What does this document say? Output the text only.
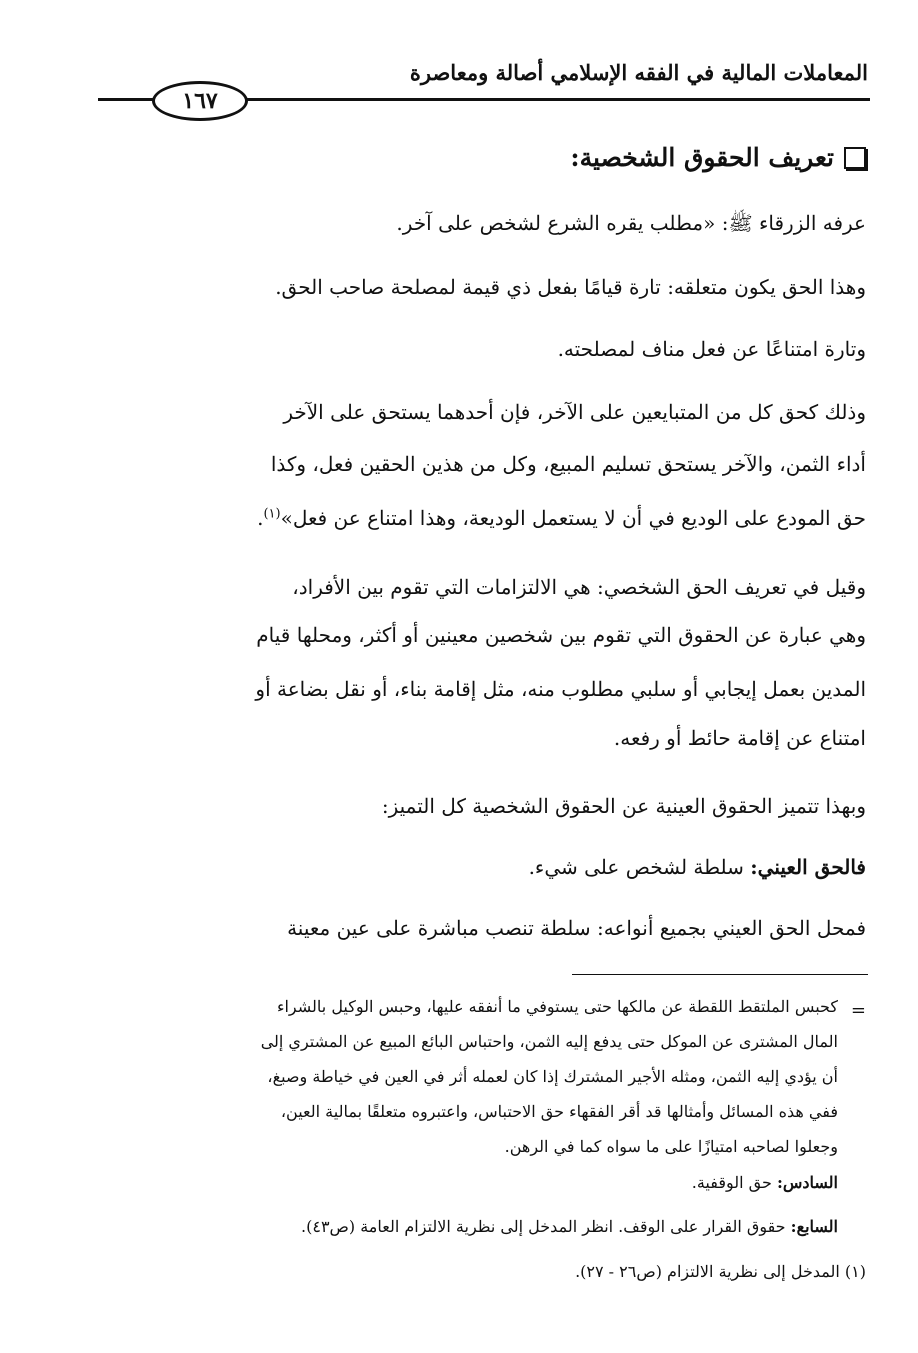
المعاملات المالية في الفقه الإسلامي أصالة ومعاصرة
١٦٧
تعريف الحقوق الشخصية:
عرفه الزرقاء ﷺ: «مطلب يقره الشرع لشخص على آخر.
وهذا الحق يكون متعلقه: تارة قيامًا بفعل ذي قيمة لمصلحة صاحب الحق.
وتارة امتناعًا عن فعل مناف لمصلحته.
وذلك كحق كل من المتبايعين على الآخر، فإن أحدهما يستحق على الآخر
أداء الثمن، والآخر يستحق تسليم المبيع، وكل من هذين الحقين فعل، وكذا
حق المودع على الوديع في أن لا يستعمل الوديعة، وهذا امتناع عن فعل»$^{(١)}$.
وقيل في تعريف الحق الشخصي: هي الالتزامات التي تقوم بين الأفراد،
وهي عبارة عن الحقوق التي تقوم بين شخصين معينين أو أكثر، ومحلها قيام
المدين بعمل إيجابي أو سلبي مطلوب منه، مثل إقامة بناء، أو نقل بضاعة أو
امتناع عن إقامة حائط أو رفعه.
وبهذا تتميز الحقوق العينية عن الحقوق الشخصية كل التميز:
فالحق العيني: سلطة لشخص على شيء.
فمحل الحق العيني بجميع أنواعه: سلطة تنصب مباشرة على عين معينة
=
كحبس الملتقط اللقطة عن مالكها حتى يستوفي ما أنفقه عليها، وحبس الوكيل بالشراء
المال المشترى عن الموكل حتى يدفع إليه الثمن، واحتباس البائع المبيع عن المشتري إلى
أن يؤدي إليه الثمن، ومثله الأجير المشترك إذا كان لعمله أثر في العين في خياطة وصبغ،
ففي هذه المسائل وأمثالها قد أقر الفقهاء حق الاحتباس، واعتبروه متعلقًا بمالية العين،
وجعلوا لصاحبه امتيازًا على ما سواه كما في الرهن.
السادس: حق الوقفية.
السابع: حقوق القرار على الوقف. انظر المدخل إلى نظرية الالتزام العامة (ص٤٣).
(١) المدخل إلى نظرية الالتزام (ص٢٦ - ٢٧).
